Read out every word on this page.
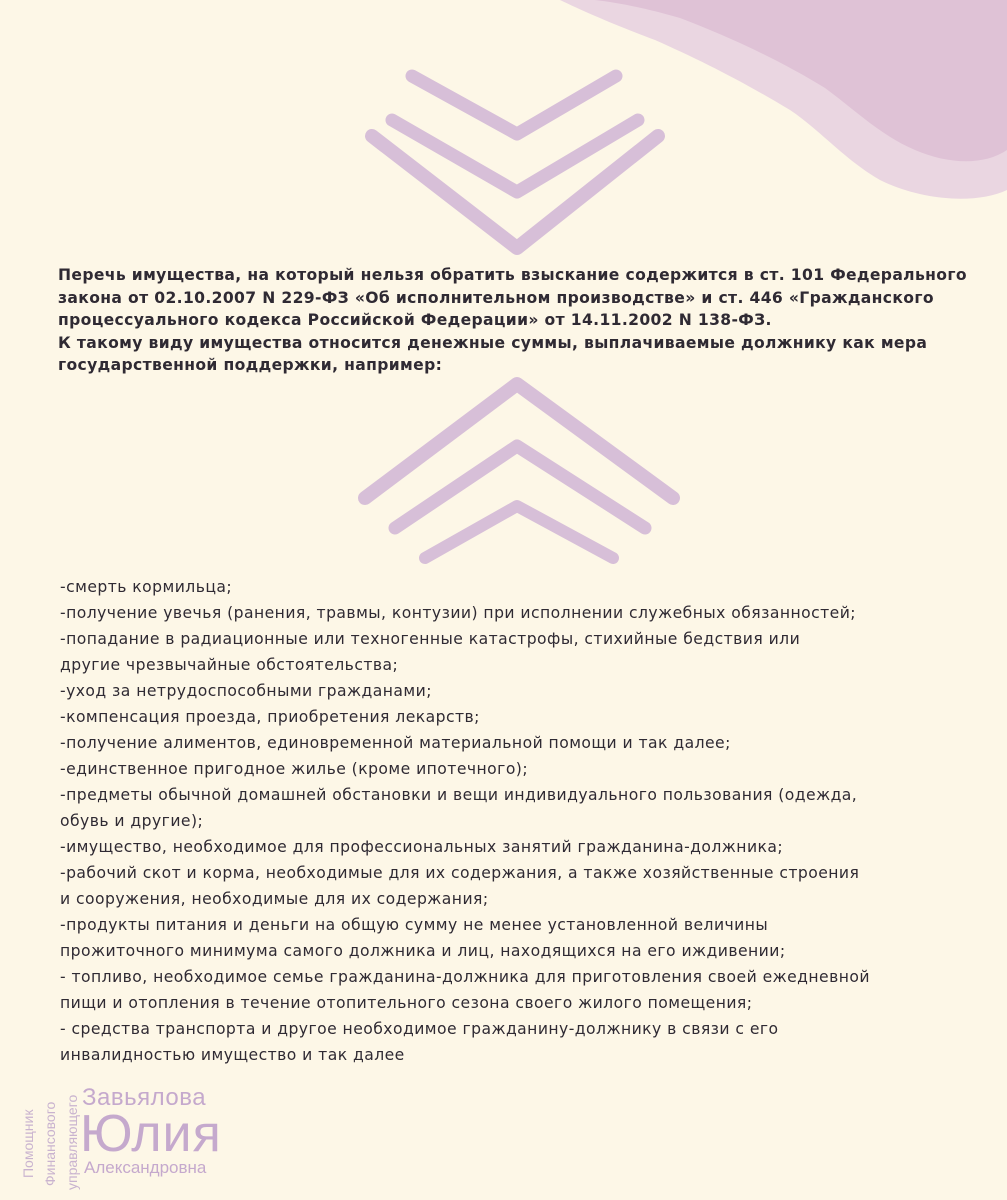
Перечь имущества, на который нельзя обратить взыскание содержится в ст. 101 Федерального

закона от 02.10.2007 N 229-ФЗ «Об исполнительном производстве» и ст. 446 «Гражданского

процессуального кодекса Российской Федерации» от 14.11.2002 N 138-ФЗ.

К такому виду имущества относится денежные суммы, выплачиваемые должнику как мера

государственной поддержки, например:

-смерть кормильца;
-получение увечья (ранения, травмы, контузии) при исполнении служебных обязанностей;
-попадание в радиационные или техногенные катастрофы, стихийные бедствия или
другие чрезвычайные обстоятельства;
-уход за нетрудоспособными гражданами;
-компенсация проезда, приобретения лекарств;
-получение алиментов, единовременной материальной помощи и так далее;
-единственное пригодное жилье (кроме ипотечного);
-предметы обычной домашней обстановки и вещи индивидуального пользования (одежда,
обувь и другие);
-имущество, необходимое для профессиональных занятий гражданина-должника;
-рабочий скот и корма, необходимые для их содержания, а также хозяйственные строения
и сооружения, необходимые для их содержания;
-продукты питания и деньги на общую сумму не менее установленной величины
прожиточного минимума самого должника и лиц, находящихся на его иждивении;
- топливо, необходимое семье гражданина-должника для приготовления своей ежедневной
пищи и отопления в течение отопительного сезона своего жилого помещения;
- средства транспорта и другое необходимое гражданину-должнику в связи с его
инвалидностью имущество и так далее
Помощник Финансового управляющего Завьялова
Юлия
Александровна
